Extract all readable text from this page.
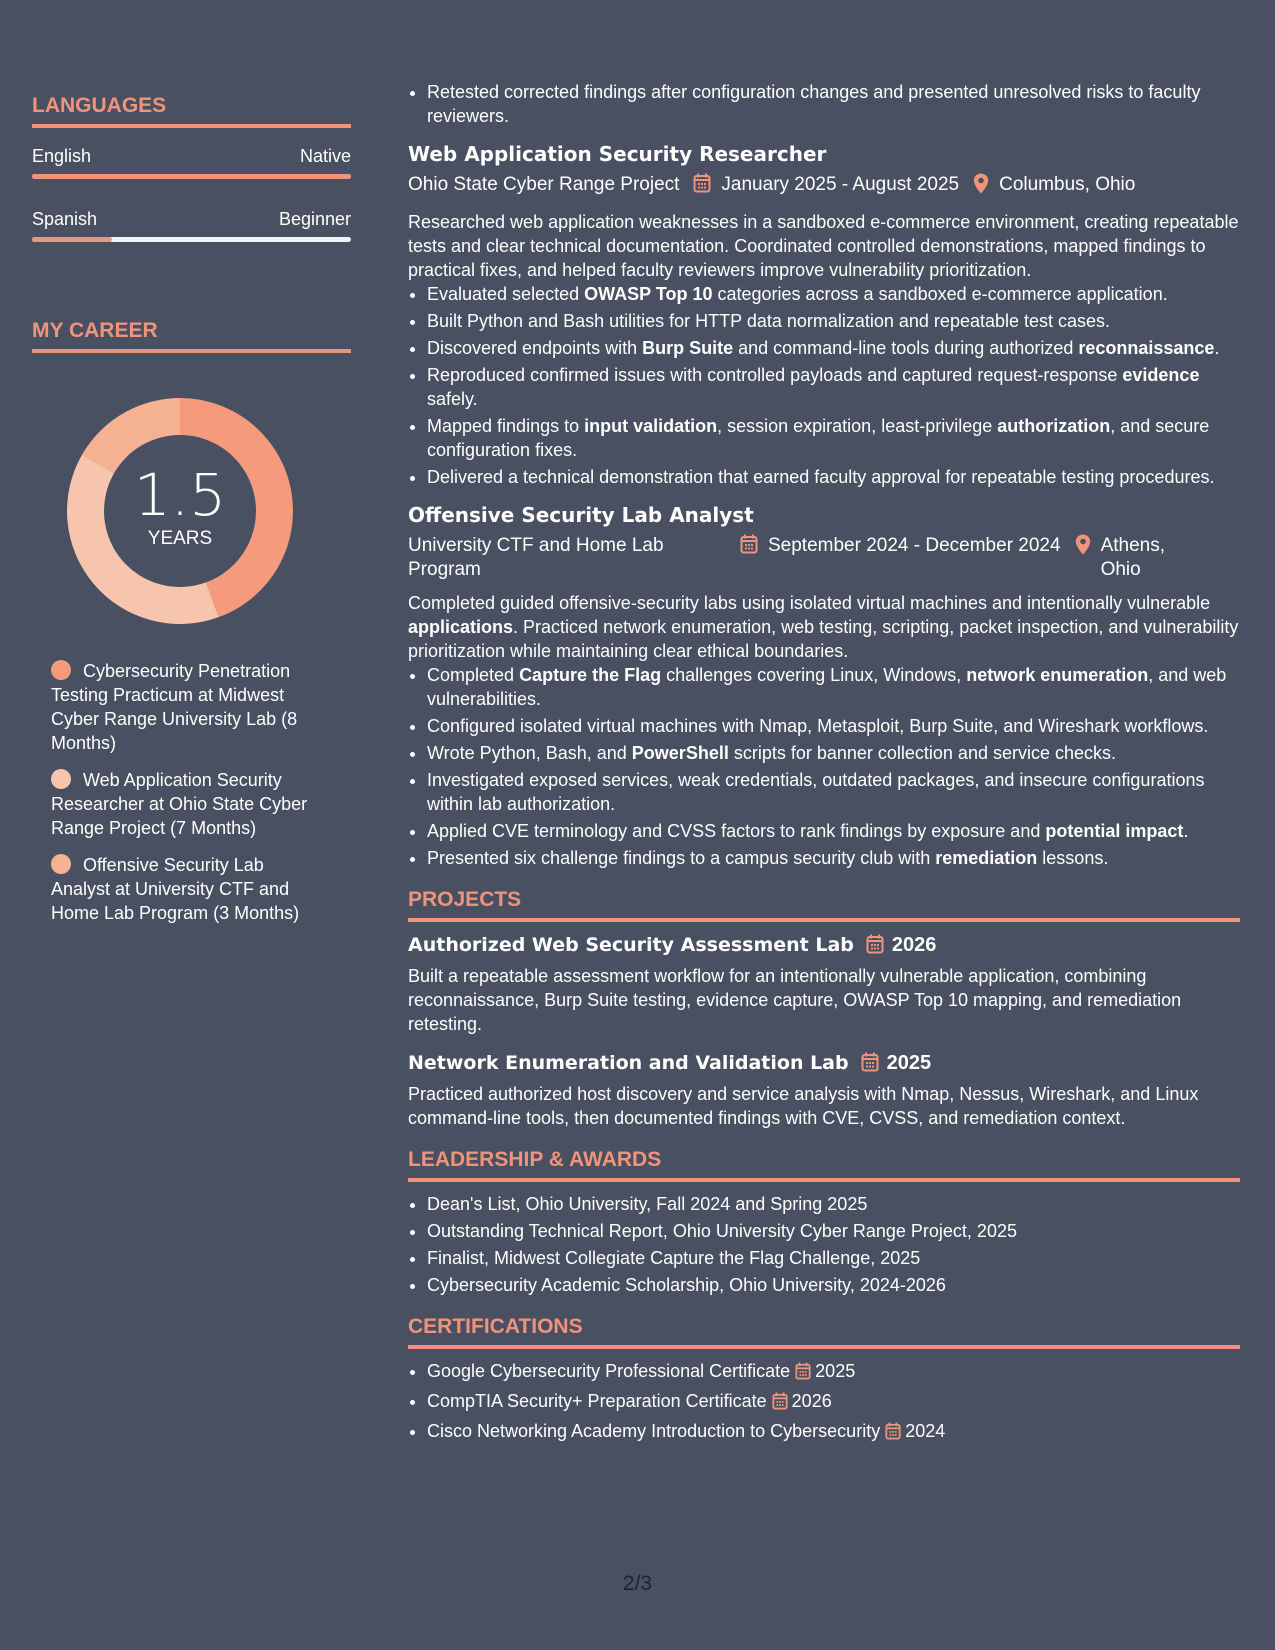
LANGUAGES
English	Native
Spanish	Beginner
MY CAREER
1.5
YEARS
Cybersecurity Penetration Testing Practicum at Midwest Cyber Range University Lab (8 Months)
Web Application Security Researcher at Ohio State Cyber Range Project (7 Months)
Offensive Security Lab Analyst at University CTF and Home Lab Program (3 Months)
• Retested corrected findings after configuration changes and presented unresolved risks to faculty reviewers.
Web Application Security Researcher
Ohio State Cyber Range Project January 2025 - August 2025 Columbus, Ohio
Researched web application weaknesses in a sandboxed e-commerce environment, creating repeatable tests and clear technical documentation. Coordinated controlled demonstrations, mapped findings to practical fixes, and helped faculty reviewers improve vulnerability prioritization.
• Evaluated selected OWASP Top 10 categories across a sandboxed e-commerce application.
• Built Python and Bash utilities for HTTP data normalization and repeatable test cases.
• Discovered endpoints with Burp Suite and command-line tools during authorized reconnaissance.
• Reproduced confirmed issues with controlled payloads and captured request-response evidence safely.
• Mapped findings to input validation, session expiration, least-privilege authorization, and secure configuration fixes.
• Delivered a technical demonstration that earned faculty approval for repeatable testing procedures.
Offensive Security Lab Analyst
University CTF and Home Lab Program
September 2024 - December 2024 Athens, Ohio
Completed guided offensive-security labs using isolated virtual machines and intentionally vulnerable applications. Practiced network enumeration, web testing, scripting, packet inspection, and vulnerability prioritization while maintaining clear ethical boundaries.
• Completed Capture the Flag challenges covering Linux, Windows, network enumeration, and web vulnerabilities.
• Configured isolated virtual machines with Nmap, Metasploit, Burp Suite, and Wireshark workflows.
• Wrote Python, Bash, and PowerShell scripts for banner collection and service checks.
• Investigated exposed services, weak credentials, outdated packages, and insecure configurations within lab authorization.
• Applied CVE terminology and CVSS factors to rank findings by exposure and potential impact.
• Presented six challenge findings to a campus security club with remediation lessons.
PROJECTS
Authorized Web Security Assessment Lab 2026
Built a repeatable assessment workflow for an intentionally vulnerable application, combining reconnaissance, Burp Suite testing, evidence capture, OWASP Top 10 mapping, and remediation retesting.
Network Enumeration and Validation Lab 2025
Practiced authorized host discovery and service analysis with Nmap, Nessus, Wireshark, and Linux command-line tools, then documented findings with CVE, CVSS, and remediation context.
LEADERSHIP & AWARDS
• Dean's List, Ohio University, Fall 2024 and Spring 2025
• Outstanding Technical Report, Ohio University Cyber Range Project, 2025
• Finalist, Midwest Collegiate Capture the Flag Challenge, 2025
• Cybersecurity Academic Scholarship, Ohio University, 2024-2026
CERTIFICATIONS
• Google Cybersecurity Professional Certificate 2025
• CompTIA Security+ Preparation Certificate 2026
• Cisco Networking Academy Introduction to Cybersecurity 2024
2/3
